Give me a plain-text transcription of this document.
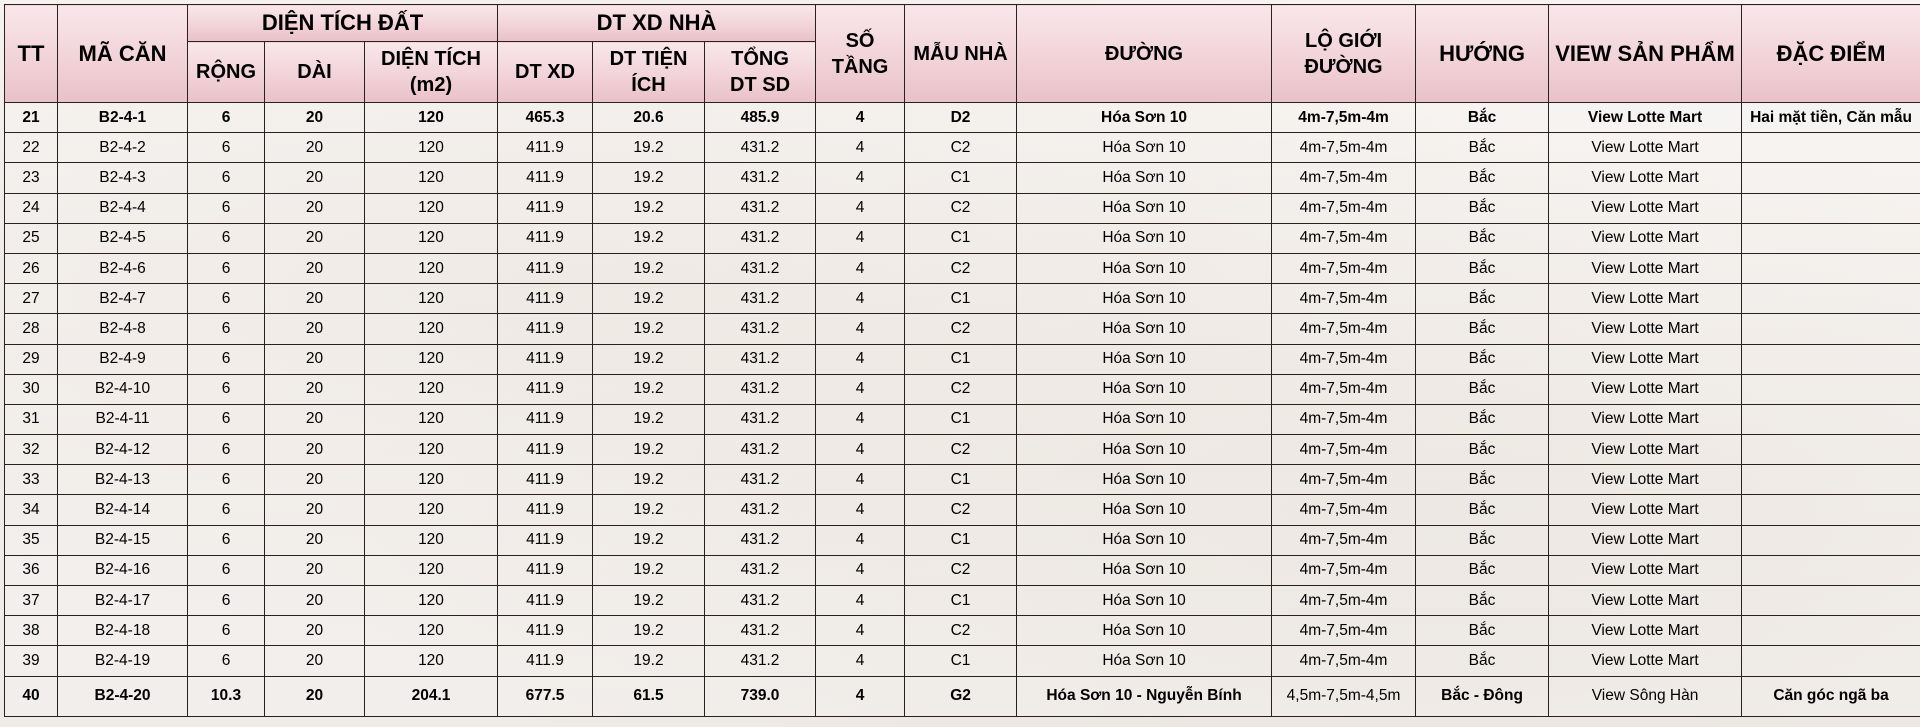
TT	MÃ CĂN	DIỆN TÍCH ĐẤT			DT XD NHÀ			SỐ TẦNG	MẪU NHÀ	ĐƯỜNG	LỘ GIỚI ĐƯỜNG	HƯỚNG	VIEW SẢN PHẨM	ĐẶC ĐIỂM
		RỘNG	DÀI	DIỆN TÍCH (m2)	DT XD	DT TIỆN ÍCH	TỔNG DT SD							
21	B2-4-1	6	20	120	465.3	20.6	485.9	4	D2	Hóa Sơn 10	4m-7,5m-4m	Bắc	View Lotte Mart	Hai mặt tiền, Căn mẫu
22	B2-4-2	6	20	120	411.9	19.2	431.2	4	C2	Hóa Sơn 10	4m-7,5m-4m	Bắc	View Lotte Mart	
23	B2-4-3	6	20	120	411.9	19.2	431.2	4	C1	Hóa Sơn 10	4m-7,5m-4m	Bắc	View Lotte Mart	
24	B2-4-4	6	20	120	411.9	19.2	431.2	4	C2	Hóa Sơn 10	4m-7,5m-4m	Bắc	View Lotte Mart	
25	B2-4-5	6	20	120	411.9	19.2	431.2	4	C1	Hóa Sơn 10	4m-7,5m-4m	Bắc	View Lotte Mart	
26	B2-4-6	6	20	120	411.9	19.2	431.2	4	C2	Hóa Sơn 10	4m-7,5m-4m	Bắc	View Lotte Mart	
27	B2-4-7	6	20	120	411.9	19.2	431.2	4	C1	Hóa Sơn 10	4m-7,5m-4m	Bắc	View Lotte Mart	
28	B2-4-8	6	20	120	411.9	19.2	431.2	4	C2	Hóa Sơn 10	4m-7,5m-4m	Bắc	View Lotte Mart	
29	B2-4-9	6	20	120	411.9	19.2	431.2	4	C1	Hóa Sơn 10	4m-7,5m-4m	Bắc	View Lotte Mart	
30	B2-4-10	6	20	120	411.9	19.2	431.2	4	C2	Hóa Sơn 10	4m-7,5m-4m	Bắc	View Lotte Mart	
31	B2-4-11	6	20	120	411.9	19.2	431.2	4	C1	Hóa Sơn 10	4m-7,5m-4m	Bắc	View Lotte Mart	
32	B2-4-12	6	20	120	411.9	19.2	431.2	4	C2	Hóa Sơn 10	4m-7,5m-4m	Bắc	View Lotte Mart	
33	B2-4-13	6	20	120	411.9	19.2	431.2	4	C1	Hóa Sơn 10	4m-7,5m-4m	Bắc	View Lotte Mart	
34	B2-4-14	6	20	120	411.9	19.2	431.2	4	C2	Hóa Sơn 10	4m-7,5m-4m	Bắc	View Lotte Mart	
35	B2-4-15	6	20	120	411.9	19.2	431.2	4	C1	Hóa Sơn 10	4m-7,5m-4m	Bắc	View Lotte Mart	
36	B2-4-16	6	20	120	411.9	19.2	431.2	4	C2	Hóa Sơn 10	4m-7,5m-4m	Bắc	View Lotte Mart	
37	B2-4-17	6	20	120	411.9	19.2	431.2	4	C1	Hóa Sơn 10	4m-7,5m-4m	Bắc	View Lotte Mart	
38	B2-4-18	6	20	120	411.9	19.2	431.2	4	C2	Hóa Sơn 10	4m-7,5m-4m	Bắc	View Lotte Mart	
39	B2-4-19	6	20	120	411.9	19.2	431.2	4	C1	Hóa Sơn 10	4m-7,5m-4m	Bắc	View Lotte Mart	
40	B2-4-20	10.3	20	204.1	677.5	61.5	739.0	4	G2	Hóa Sơn 10 - Nguyễn Bính	4,5m-7,5m-4,5m	Bắc - Đông	View Sông Hàn	Căn góc ngã ba
